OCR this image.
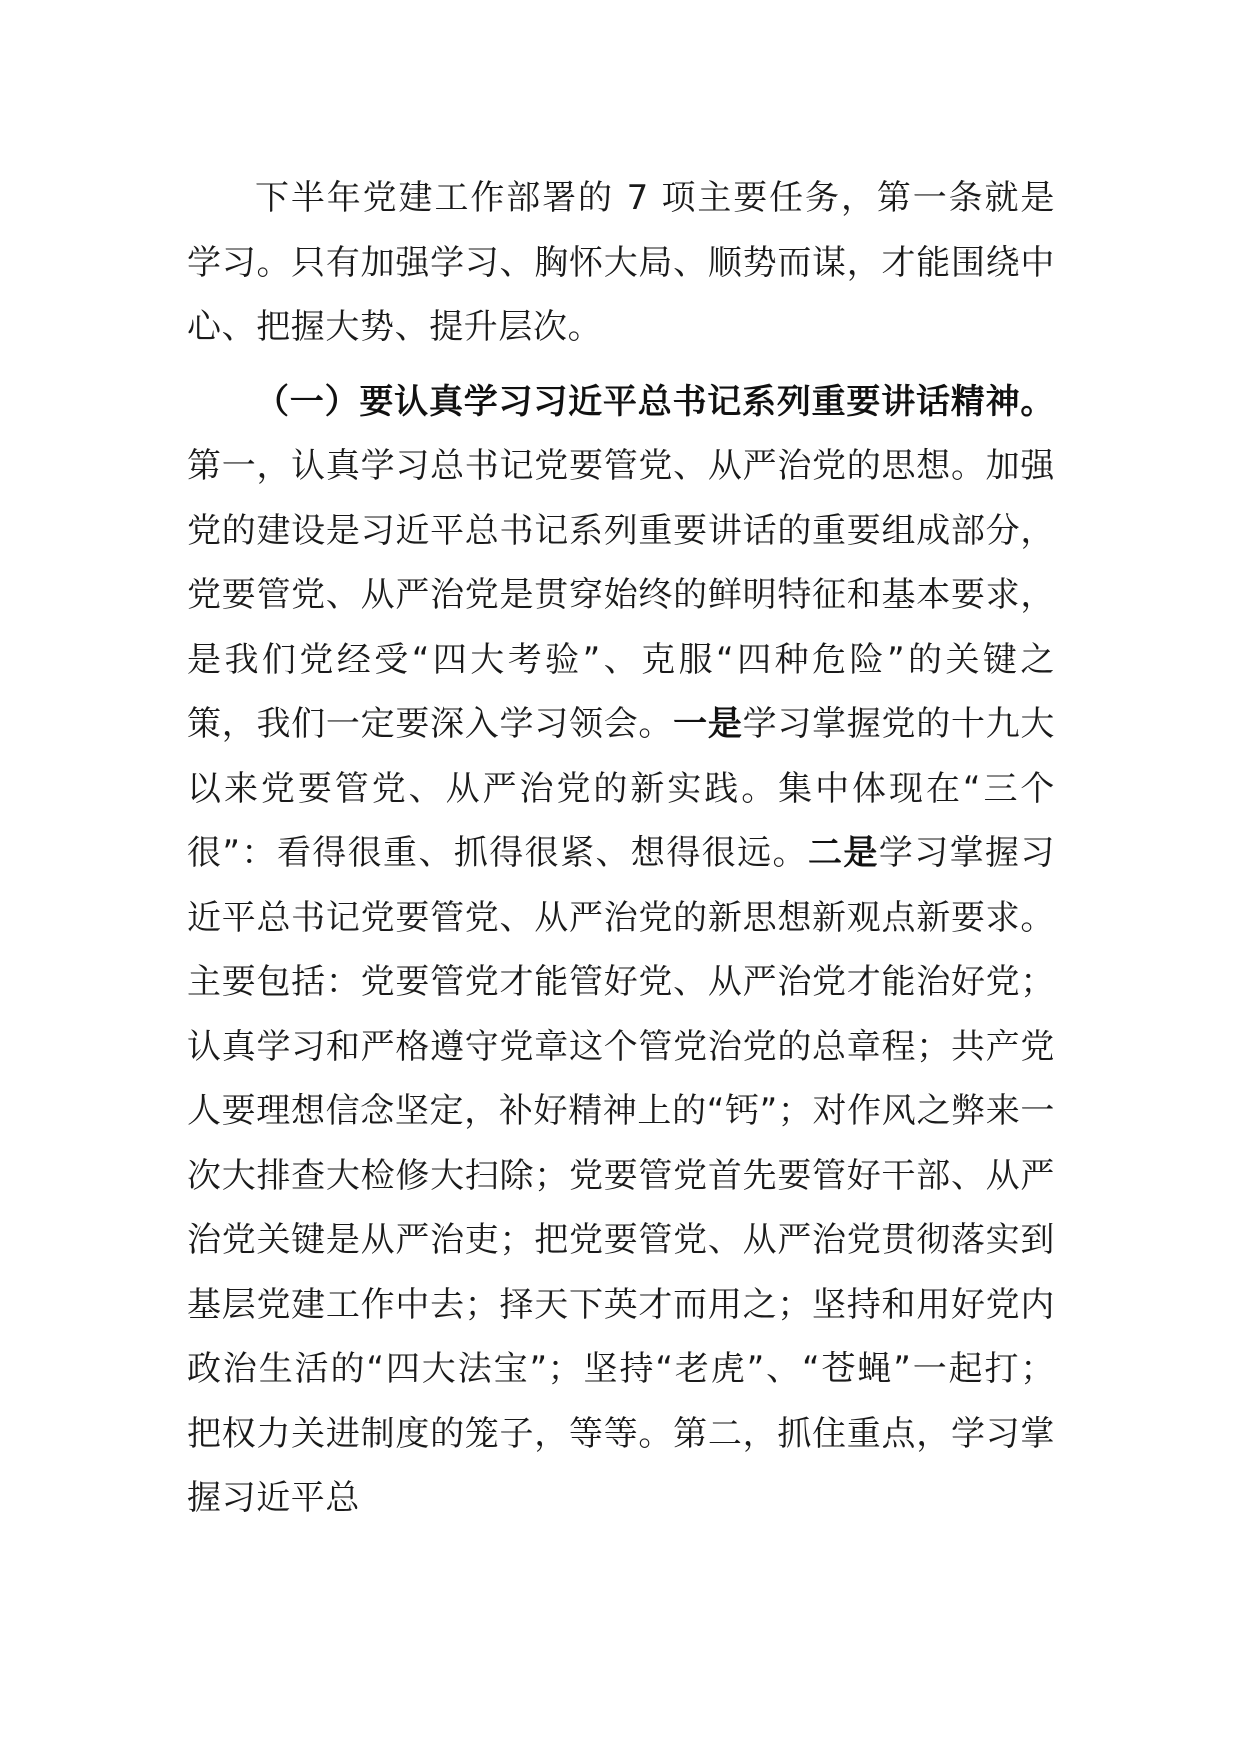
下半年党建工作部署的 7 项主要任务，第一条就是学习。只有加强学习、胸怀大局、顺势而谋，才能围绕中心、把握大势、提升层次。

（一）要认真学习习近平总书记系列重要讲话精神。第一，认真学习总书记党要管党、从严治党的思想。加强党的建设是习近平总书记系列重要讲话的重要组成部分，党要管党、从严治党是贯穿始终的鲜明特征和基本要求，是我们党经受“四大考验”、克服“四种危险”的关键之策，我们一定要深入学习领会。一是学习掌握党的十九大以来党要管党、从严治党的新实践。集中体现在“三个很”：看得很重、抓得很紧、想得很远。二是学习掌握习近平总书记党要管党、从严治党的新思想新观点新要求。主要包括：党要管党才能管好党、从严治党才能治好党；认真学习和严格遵守党章这个管党治党的总章程；共产党人要理想信念坚定，补好精神上的“钙”；对作风之弊来一次大排查大检修大扫除；党要管党首先要管好干部、从严治党关键是从严治吏；把党要管党、从严治党贯彻落实到基层党建工作中去；择天下英才而用之；坚持和用好党内政治生活的“四大法宝”；坚持“老虎”、“苍蝇”一起打；把权力关进制度的笼子，等等。第二，抓住重点，学习掌握习近平总
